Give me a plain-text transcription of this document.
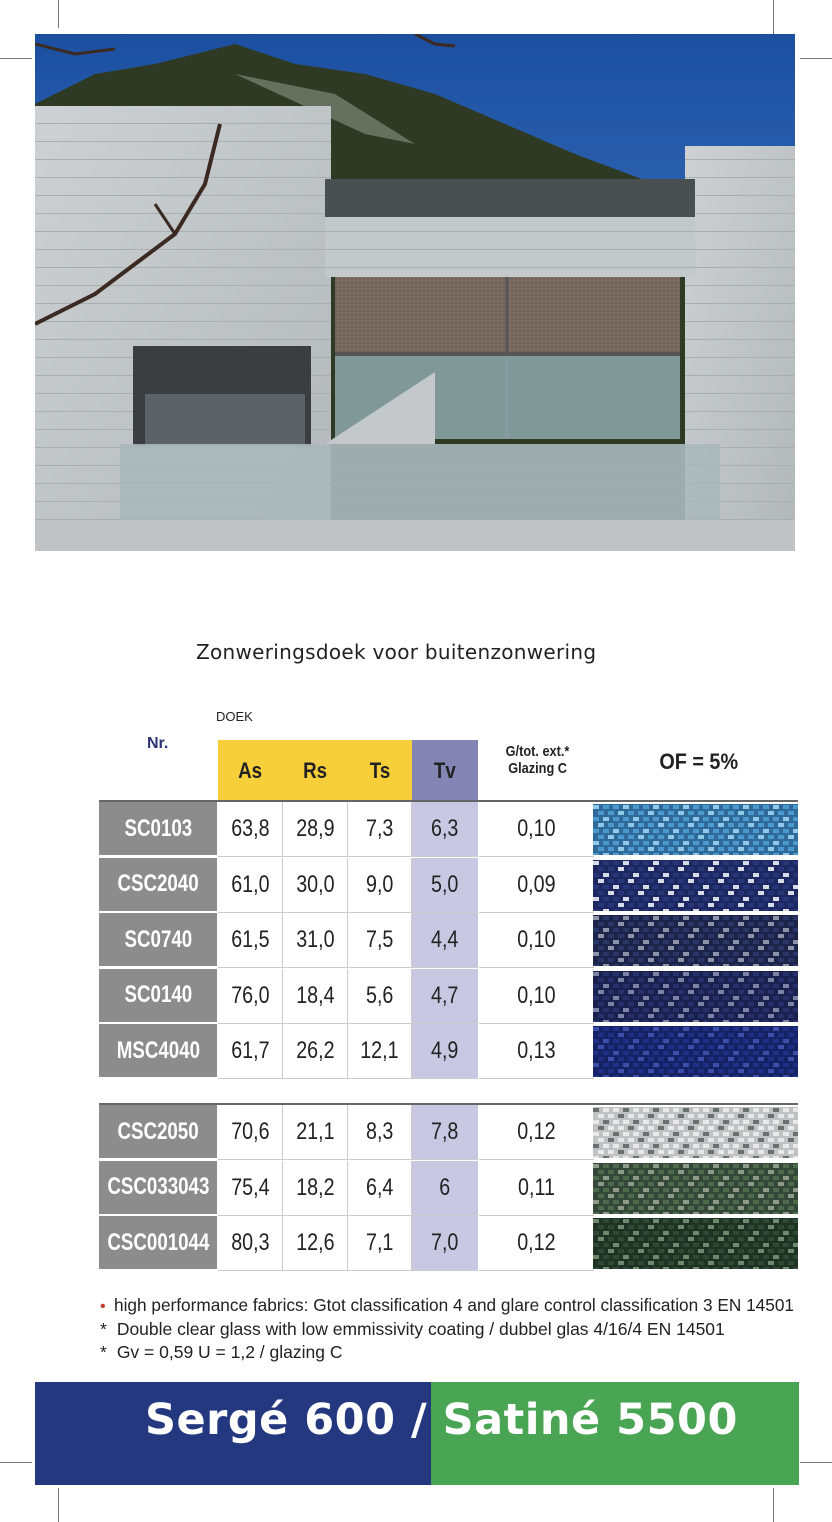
Zonweringsdoek voor buitenzonwering
DOEK
Nr.
As Rs Ts Tv
G/tot. ext.*
Glazing C	OF = 5%
SC0103 63,8 28,9 7,3 6,3 0,10
CSC2040 61,0 30,0 9,0 5,0 0,09
SC0740 61,5 31,0 7,5 4,4 0,10
SC0140 76,0 18,4 5,6 4,7 0,10
MSC4040 61,7 26,2 12,1 4,9 0,13
CSC2050 70,6 21,1 8,3 7,8 0,12
CSC033043 75,4 18,2 6,4 6	0,11
CSC001044 80,3 12,6 7,1 7,0 0,12
• high performance fabrics: Gtot classification 4 and glare control classification 3 EN 14501
* Double clear glass with low emmissivity coating / dubbel glas 4/16/4 EN 14501
* Gv = 0,59 U = 1,2 / glazing C
Sergé 600 / Satiné 5500
